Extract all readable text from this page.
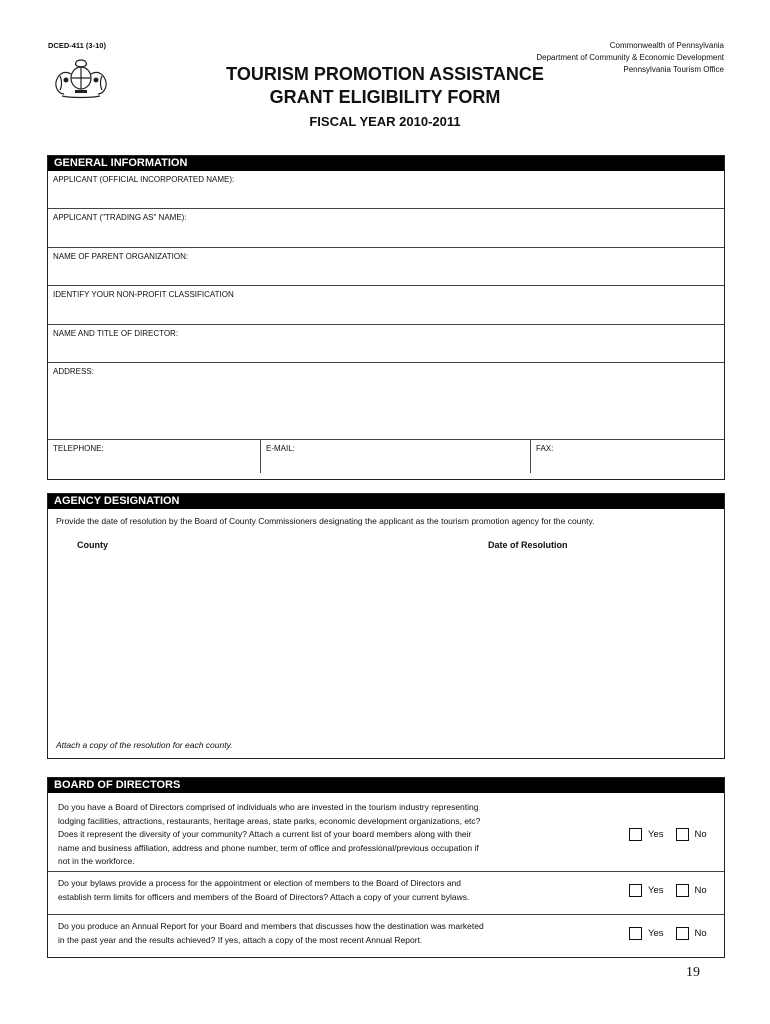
DCED-411 (3-10)	Commonwealth of Pennsylvania
Department of Community & Economic Development
Pennsylvania Tourism Office
TOURISM PROMOTION ASSISTANCE
GRANT ELIGIBILITY FORM
FISCAL YEAR 2010-2011
GENERAL INFORMATION
APPLICANT (OFFICIAL INCORPORATED NAME):
APPLICANT ("TRADING AS" NAME):
NAME OF PARENT ORGANIZATION:
IDENTIFY YOUR NON-PROFIT CLASSIFICATION
NAME AND TITLE OF DIRECTOR:
ADDRESS:
TELEPHONE:	E-MAIL:	FAX:
AGENCY DESIGNATION
Provide the date of resolution by the Board of County Commissioners designating the applicant as the tourism promotion agency for the county.
County	Date of Resolution
Attach a copy of the resolution for each county.
BOARD OF DIRECTORS
Do you have a Board of Directors comprised of individuals who are invested in the tourism industry representing
lodging facilities, attractions, restaurants, heritage areas, state parks, economic development organizations, etc?
Does it represent the diversity of your community? Attach a current list of your board members along with their
name and business affiliation, address and phone number, term of office and professional/previous occupation if
not in the workforce.
Yes	No
Do your bylaws provide a process for the appointment or election of members to the Board of Directors and
establish term limits for officers and members of the Board of Directors? Attach a copy of your current bylaws.
Yes	No
Do you produce an Annual Report for your Board and members that discusses how the destination was marketed
in the past year and the results achieved? If yes, attach a copy of the most recent Annual Report.
Yes	No
19
